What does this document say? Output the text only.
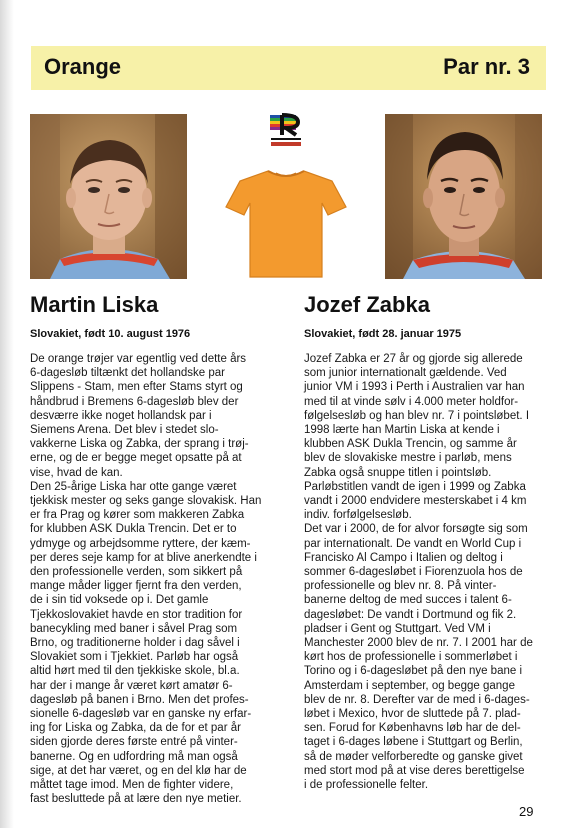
Orange	Par nr. 3
Martin Liska
Slovakiet, født 10. august 1976
Jozef Zabka
Slovakiet, født 28. januar 1975
De orange trøjer var egentlig ved dette års
6-dagesløb tiltænkt det hollandske par
Slippens - Stam, men efter Stams styrt og
håndbrud i Bremens 6-dagesløb blev der
desværre ikke noget hollandsk par i
Siemens Arena. Det blev i stedet slo-
vakkerne Liska og Zabka, der sprang i trøj-
erne, og de er begge meget opsatte på at
vise, hvad de kan.
Den 25-årige Liska har otte gange været
tjekkisk mester og seks gange slovakisk. Han
er fra Prag og kører som makkeren Zabka
for klubben ASK Dukla Trencin. Det er to
ydmyge og arbejdsomme ryttere, der kæm-
per deres seje kamp for at blive anerkendte i
den professionelle verden, som sikkert på
mange måder ligger fjernt fra den verden,
de i sin tid voksede op i. Det gamle
Tjekkoslovakiet havde en stor tradition for
banecykling med baner i såvel Prag som
Brno, og traditionerne holder i dag såvel i
Slovakiet som i Tjekkiet. Parløb har også
altid hørt med til den tjekkiske skole, bl.a.
har der i mange år været kørt amatør 6-
dagesløb på banen i Brno. Men det profes-
sionelle 6-dagesløb var en ganske ny erfar-
ing for Liska og Zabka, da de for et par år
siden gjorde deres første entré på vinter-
banerne. Og en udfordring må man også
sige, at det har været, og en del klø har de
måttet tage imod. Men de fighter videre,
fast besluttede på at lære den nye metier.
Jozef Zabka er 27 år og gjorde sig allerede
som junior internationalt gældende. Ved
junior VM i 1993 i Perth i Australien var han
med til at vinde sølv i 4.000 meter holdfor-
følgelsesløb og han blev nr. 7 i pointsløbet. I
1998 lærte han Martin Liska at kende i
klubben ASK Dukla Trencin, og samme år
blev de slovakiske mestre i parløb, mens
Zabka også snuppe titlen i pointsløb.
Parløbstitlen vandt de igen i 1999 og Zabka
vandt i 2000 endvidere mesterskabet i 4 km
indiv. forfølgelsesløb.
Det var i 2000, de for alvor forsøgte sig som
par internationalt. De vandt en World Cup i
Francisko Al Campo i Italien og deltog i
sommer 6-dagesløbet i Fiorenzuola hos de
professionelle og blev nr. 8. På vinter-
banerne deltog de med succes i talent 6-
dagesløbet: De vandt i Dortmund og fik 2.
pladser i Gent og Stuttgart. Ved VM i
Manchester 2000 blev de nr. 7. I 2001 har de
kørt hos de professionelle i sommerløbet i
Torino og i 6-dagesløbet på den nye bane i
Amsterdam i september, og begge gange
blev de nr. 8. Derefter var de med i 6-dages-
løbet i Mexico, hvor de sluttede på 7. plad-
sen. Forud for Københavns løb har de del-
taget i 6-dages løbene i Stuttgart og Berlin,
så de møder velforberedte og ganske givet
med stort mod på at vise deres berettigelse
i de professionelle felter.
29
